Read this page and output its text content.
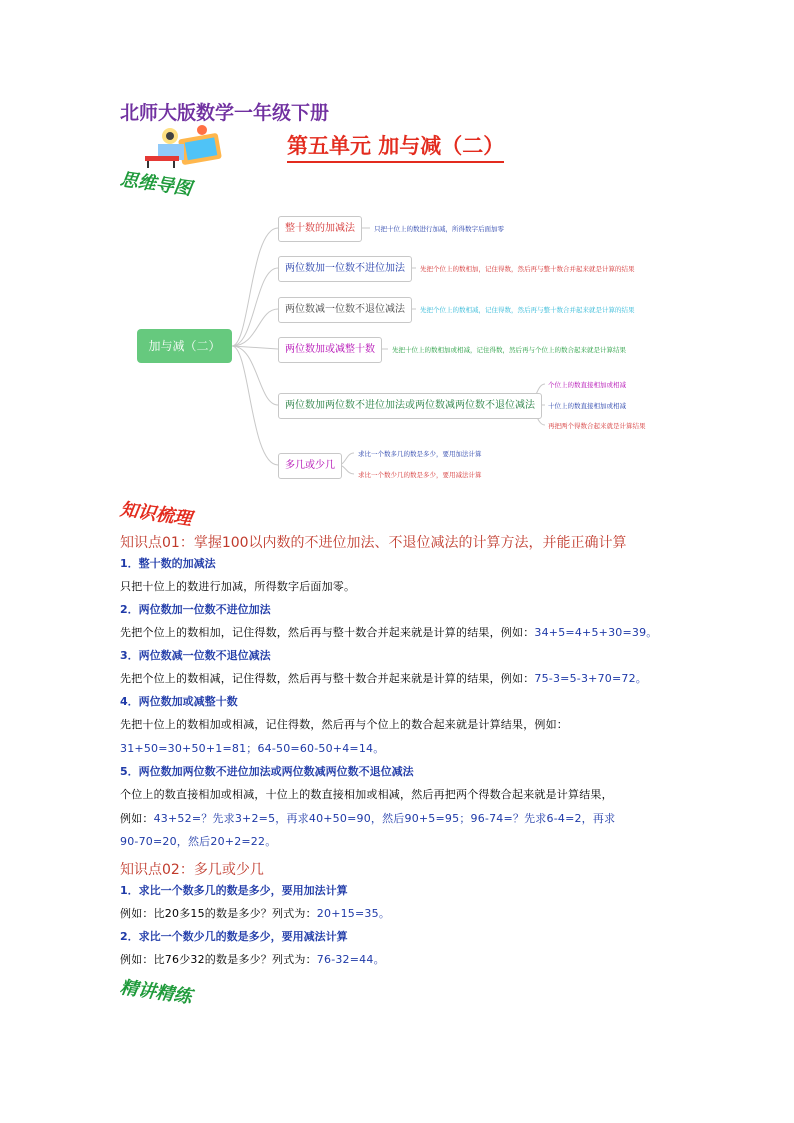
北师大版数学一年级下册
第五单元 加与减（二）
思维导图
加与减（二）
整十数的加减法	只把十位上的数进行加减，所得数字后面加零
两位数加一位数不进位加法	先把个位上的数相加，记住得数，然后再与整十数合并起来就是计算的结果
两位数减一位数不退位减法	先把个位上的数相减，记住得数，然后再与整十数合并起来就是计算的结果
两位数加或减整十数	先把十位上的数相加或相减，记住得数，然后再与个位上的数合起来就是计算结果
两位数加两位数不进位加法或两位数减两位数不退位减法
个位上的数直接相加或相减
十位上的数直接相加或相减
再把两个得数合起来就是计算结果
多几或少几
求比一个数多几的数是多少，要用加法计算
求比一个数少几的数是多少，要用减法计算
知识梳理
知识点01：掌握100以内数的不进位加法、不退位减法的计算方法，并能正确计算
1．整十数的加减法
只把十位上的数进行加减，所得数字后面加零。
2．两位数加一位数不进位加法
先把个位上的数相加，记住得数，然后再与整十数合并起来就是计算的结果，例如：34+5=4+5+30=39。
3．两位数减一位数不退位减法
先把个位上的数相减，记住得数，然后再与整十数合并起来就是计算的结果，例如：75-3=5-3+70=72。
4．两位数加或减整十数
先把十位上的数相加或相减，记住得数，然后再与个位上的数合起来就是计算结果，例如：
31+50=30+50+1=81；64-50=60-50+4=14。
5．两位数加两位数不进位加法或两位数减两位数不退位减法
个位上的数直接相加或相减，十位上的数直接相加或相减，然后再把两个得数合起来就是计算结果，
例如：43+52=？先求3+2=5，再求40+50=90，然后90+5=95；96-74=？先求6-4=2，再求
90-70=20，然后20+2=22。
知识点02：多几或少几
1．求比一个数多几的数是多少，要用加法计算
例如：比20多15的数是多少？列式为：20+15=35。
2．求比一个数少几的数是多少，要用减法计算
例如：比76少32的数是多少？列式为：76-32=44。
精讲精练
